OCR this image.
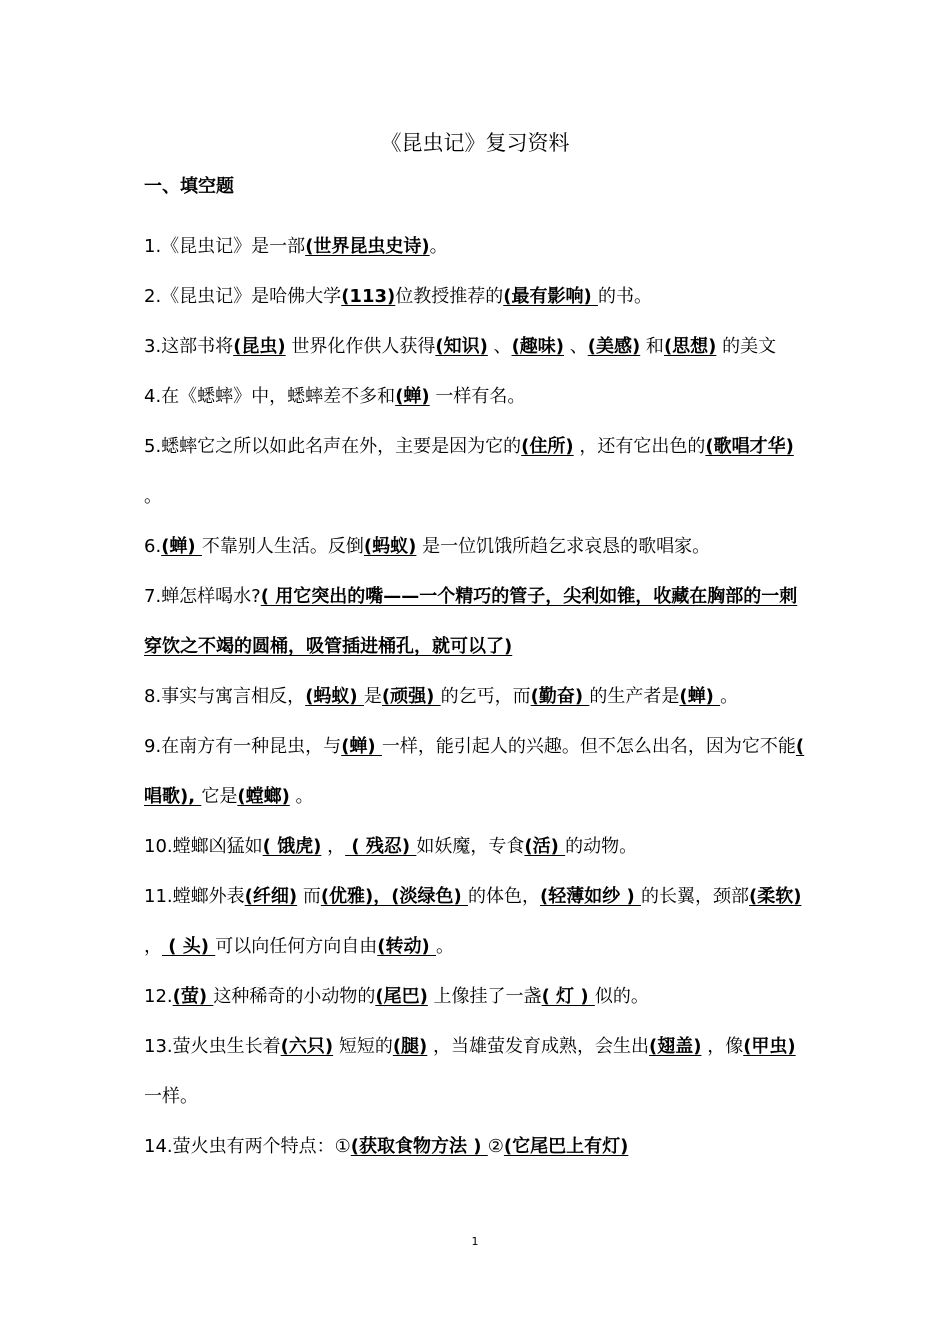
《昆虫记》复习资料
一、填空题
1.《昆虫记》是一部(世界昆虫史诗)。
2.《昆虫记》是哈佛大学(113)位教授推荐的(最有影响) 的书。
3.这部书将(昆虫) 世界化作供人获得(知识) 、(趣味) 、(美感) 和(思想) 的美文
4.在《蟋蟀》中，蟋蟀差不多和(蝉) 一样有名。
5.蟋蟀它之所以如此名声在外，主要是因为它的(住所) ，还有它出色的(歌唱才华) 。
6.(蝉) 不靠别人生活。反倒(蚂蚁) 是一位饥饿所趋乞求哀恳的歌唱家。
7.蝉怎样喝水?( 用它突出的嘴——一个精巧的管子，尖利如锥，收藏在胸部的一刺穿饮之不竭的圆桶，吸管插进桶孔，就可以了)
8.事实与寓言相反，(蚂蚁) 是(顽强) 的乞丐，而(勤奋) 的生产者是(蝉) 。
9.在南方有一种昆虫，与(蝉) 一样，能引起人的兴趣。但不怎么出名，因为它不能( 唱歌), 它是(螳螂) 。
10.螳螂凶猛如( 饿虎) ， ( 残忍) 如妖魔，专食(活) 的动物。
11.螳螂外表(纤细) 而(优雅)，(淡绿色) 的体色，(轻薄如纱 ) 的长翼，颈部(柔软) ， ( 头) 可以向任何方向自由(转动) 。
12.(萤) 这种稀奇的小动物的(尾巴) 上像挂了一盏( 灯 ) 似的。
13.萤火虫生长着(六只) 短短的(腿) ，当雄萤发育成熟，会生出(翅盖) ，像(甲虫) 一样。
14.萤火虫有两个特点：①(获取食物方法 ) ②(它尾巴上有灯)
1
